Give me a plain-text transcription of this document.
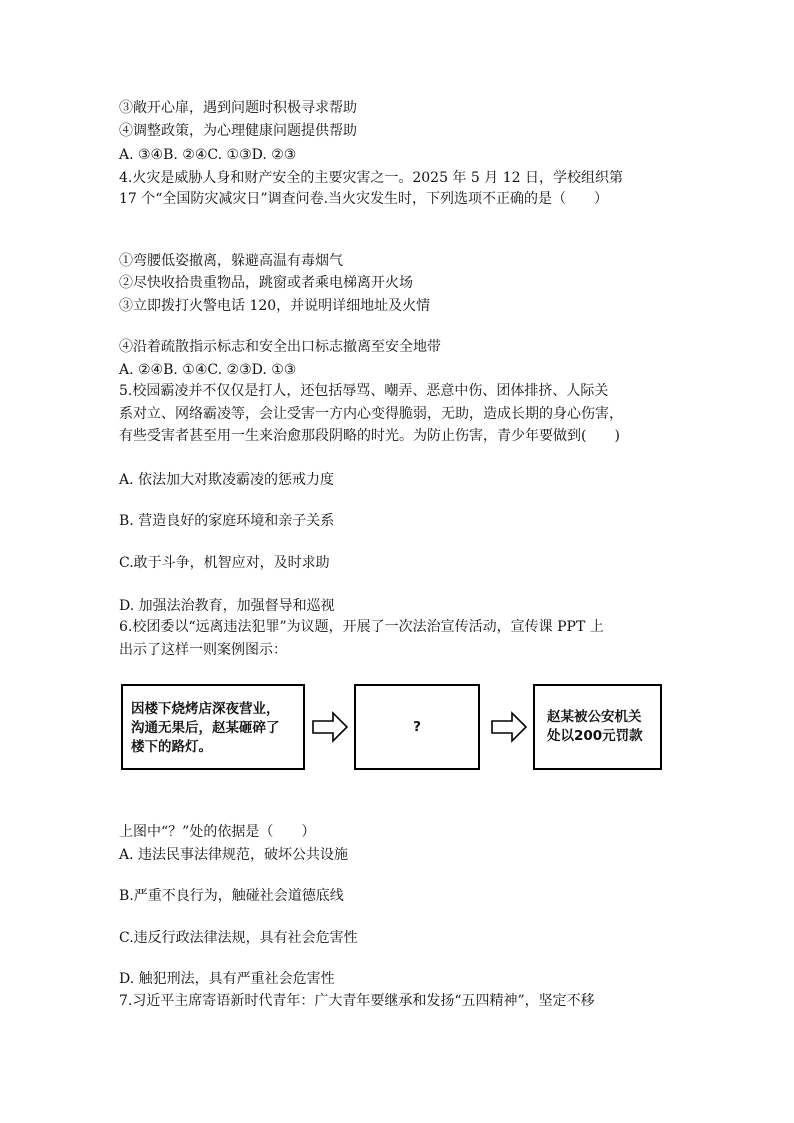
③敞开心扉，遇到问题时积极寻求帮助
④调整政策，为心理健康问题提供帮助
A. ③④B. ②④C. ①③D. ②③
4.火灾是威胁人身和财产安全的主要灾害之一。2025 年 5 月 12 日，学校组织第
17 个“全国防灾减灾日”调查问卷.当火灾发生时，下列选项不正确的是（　　）
①弯腰低姿撤离，躲避高温有毒烟气
②尽快收拾贵重物品，跳窗或者乘电梯离开火场
③立即拨打火警电话 120，并说明详细地址及火情
④沿着疏散指示标志和安全出口标志撤离至安全地带
A. ②④B. ①④C. ②③D. ①③
5.校园霸凌并不仅仅是打人，还包括辱骂、嘲弄、恶意中伤、团体排挤、人际关
系对立、网络霸凌等，会让受害一方内心变得脆弱，无助，造成长期的身心伤害，
有些受害者甚至用一生来治愈那段阴略的时光。为防止伤害，青少年要做到(　　)
A. 依法加大对欺凌霸凌的惩戒力度
B. 营造良好的家庭环境和亲子关系
C.敢于斗争，机智应对，及时求助
D. 加强法治教育，加强督导和巡视
6.校团委以“远离违法犯罪”为议题，开展了一次法治宣传活动，宣传课 PPT 上
出示了这样一则案例图示：
因楼下烧烤店深夜营业，
沟通无果后，赵某砸碎了
楼下的路灯。
?
赵某被公安机关
处以200元罚款
上图中“？”处的依据是（　　）
A. 违法民事法律规范，破坏公共设施
B.严重不良行为，触碰社会道德底线
C.违反行政法律法规，具有社会危害性
D. 触犯刑法，具有严重社会危害性
7.习近平主席寄语新时代青年：广大青年要继承和发扬“五四精神”，坚定不移
